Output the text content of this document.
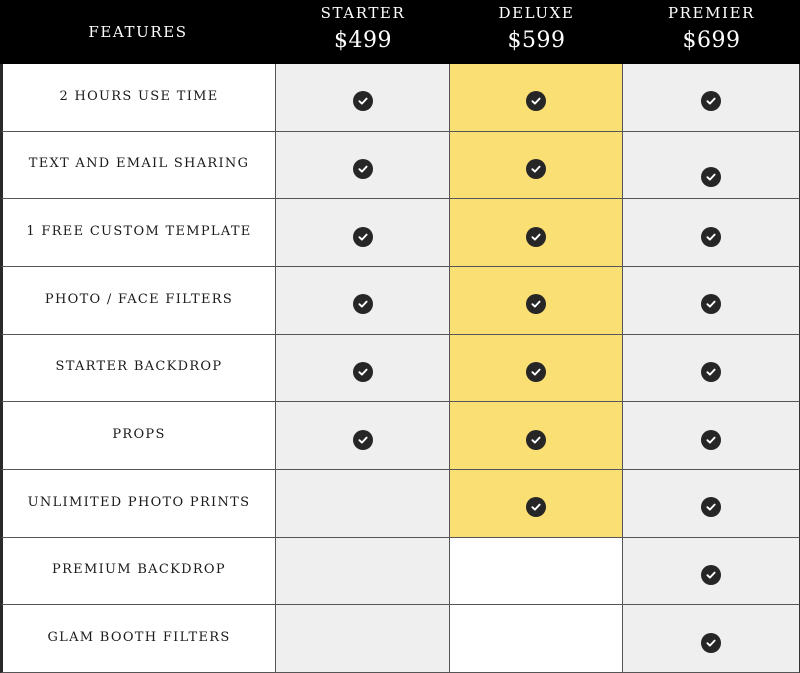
FEATURES
STARTER
$499
DELUXE
$599
PREMIER
$699
2 HOURS USE TIME
TEXT AND EMAIL SHARING
1 FREE CUSTOM TEMPLATE
PHOTO / FACE FILTERS
STARTER BACKDROP
PROPS
UNLIMITED PHOTO PRINTS
PREMIUM BACKDROP
GLAM BOOTH FILTERS
